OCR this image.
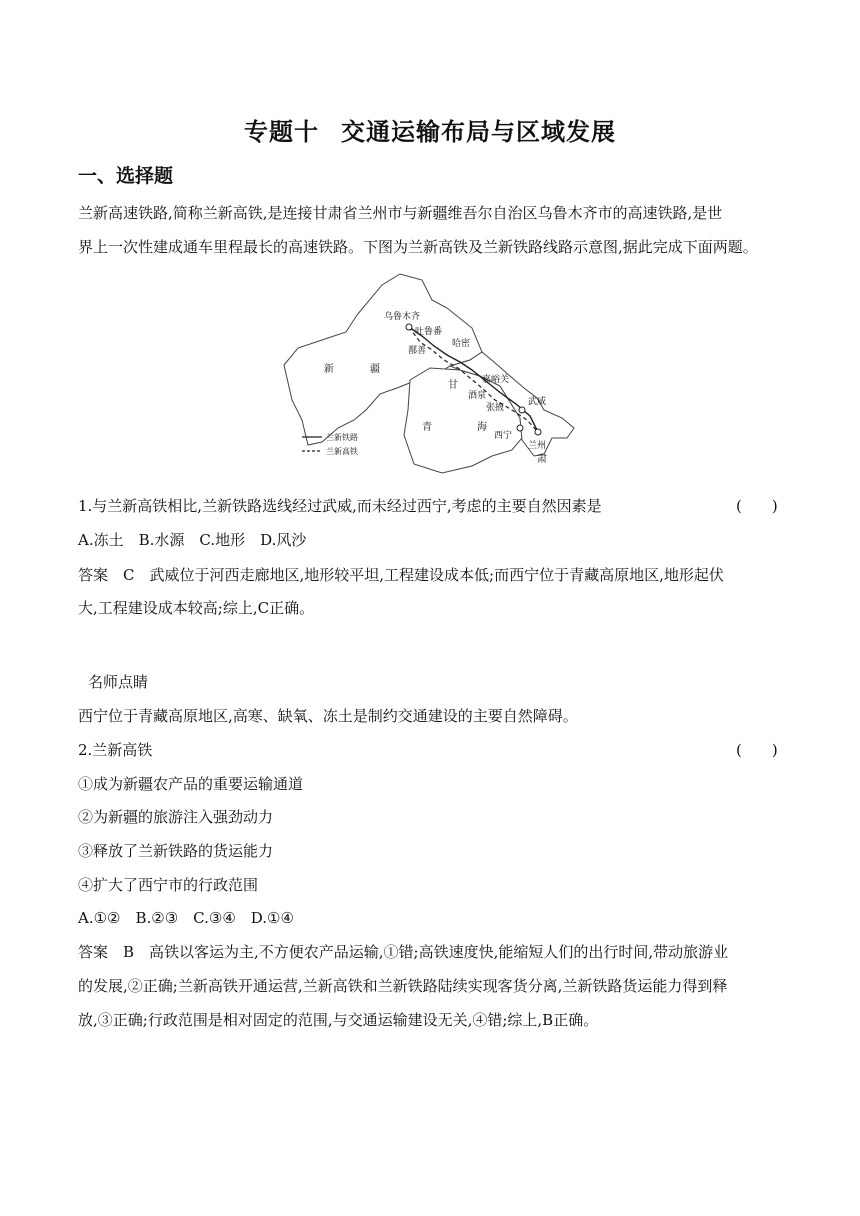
专题十 交通运输布局与区域发展
一、选择题
兰新高速铁路,简称兰新高铁,是连接甘肃省兰州市与新疆维吾尔自治区乌鲁木齐市的高速铁路,是世
界上一次性建成通车里程最长的高速铁路。下图为兰新高铁及兰新铁路线路示意图,据此完成下面两题。
乌鲁木齐
吐鲁番
鄯善
哈密
嘉峪关
酒泉
张掖
武威
西宁
兰州
新	疆
青	海
甘
肃
兰新铁路
兰新高铁
1.与兰新高铁相比,兰新铁路选线经过武威,而未经过西宁,考虑的主要自然因素是	(　　)
A.冻土　B.水源　C.地形　D.风沙
答案　C　武威位于河西走廊地区,地形较平坦,工程建设成本低;而西宁位于青藏高原地区,地形起伏
大,工程建设成本较高;综上,C正确。
名师点睛
西宁位于青藏高原地区,高寒、缺氧、冻土是制约交通建设的主要自然障碍。
2.兰新高铁	(　　)
①成为新疆农产品的重要运输通道
②为新疆的旅游注入强劲动力
③释放了兰新铁路的货运能力
④扩大了西宁市的行政范围
A.①②　B.②③　C.③④　D.①④
答案　B　高铁以客运为主,不方便农产品运输,①错;高铁速度快,能缩短人们的出行时间,带动旅游业
的发展,②正确;兰新高铁开通运营,兰新高铁和兰新铁路陆续实现客货分离,兰新铁路货运能力得到释
放,③正确;行政范围是相对固定的范围,与交通运输建设无关,④错;综上,B正确。
